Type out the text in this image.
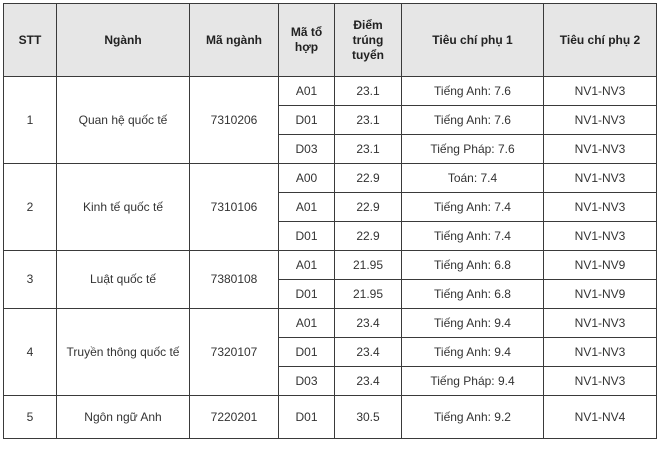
STT	Ngành	Mã ngành	Mã tổ hợp	Điểm trúng tuyển	Tiêu chí phụ 1	Tiêu chí phụ 2
1	Quan hệ quốc tế	7310206	A01	23.1	Tiếng Anh: 7.6	NV1-NV3
			D01	23.1	Tiếng Anh: 7.6	NV1-NV3
			D03	23.1	Tiếng Pháp: 7.6	NV1-NV3
2	Kinh tế quốc tế	7310106	A00	22.9	Toán: 7.4	NV1-NV3
			A01	22.9	Tiếng Anh: 7.4	NV1-NV3
			D01	22.9	Tiếng Anh: 7.4	NV1-NV3
3	Luật quốc tế	7380108	A01	21.95	Tiếng Anh: 6.8	NV1-NV9
			D01	21.95	Tiếng Anh: 6.8	NV1-NV9
4	Truyền thông quốc tế	7320107	A01	23.4	Tiếng Anh: 9.4	NV1-NV3
			D01	23.4	Tiếng Anh: 9.4	NV1-NV3
			D03	23.4	Tiếng Pháp: 9.4	NV1-NV3
5	Ngôn ngữ Anh	7220201	D01	30.5	Tiếng Anh: 9.2	NV1-NV4
